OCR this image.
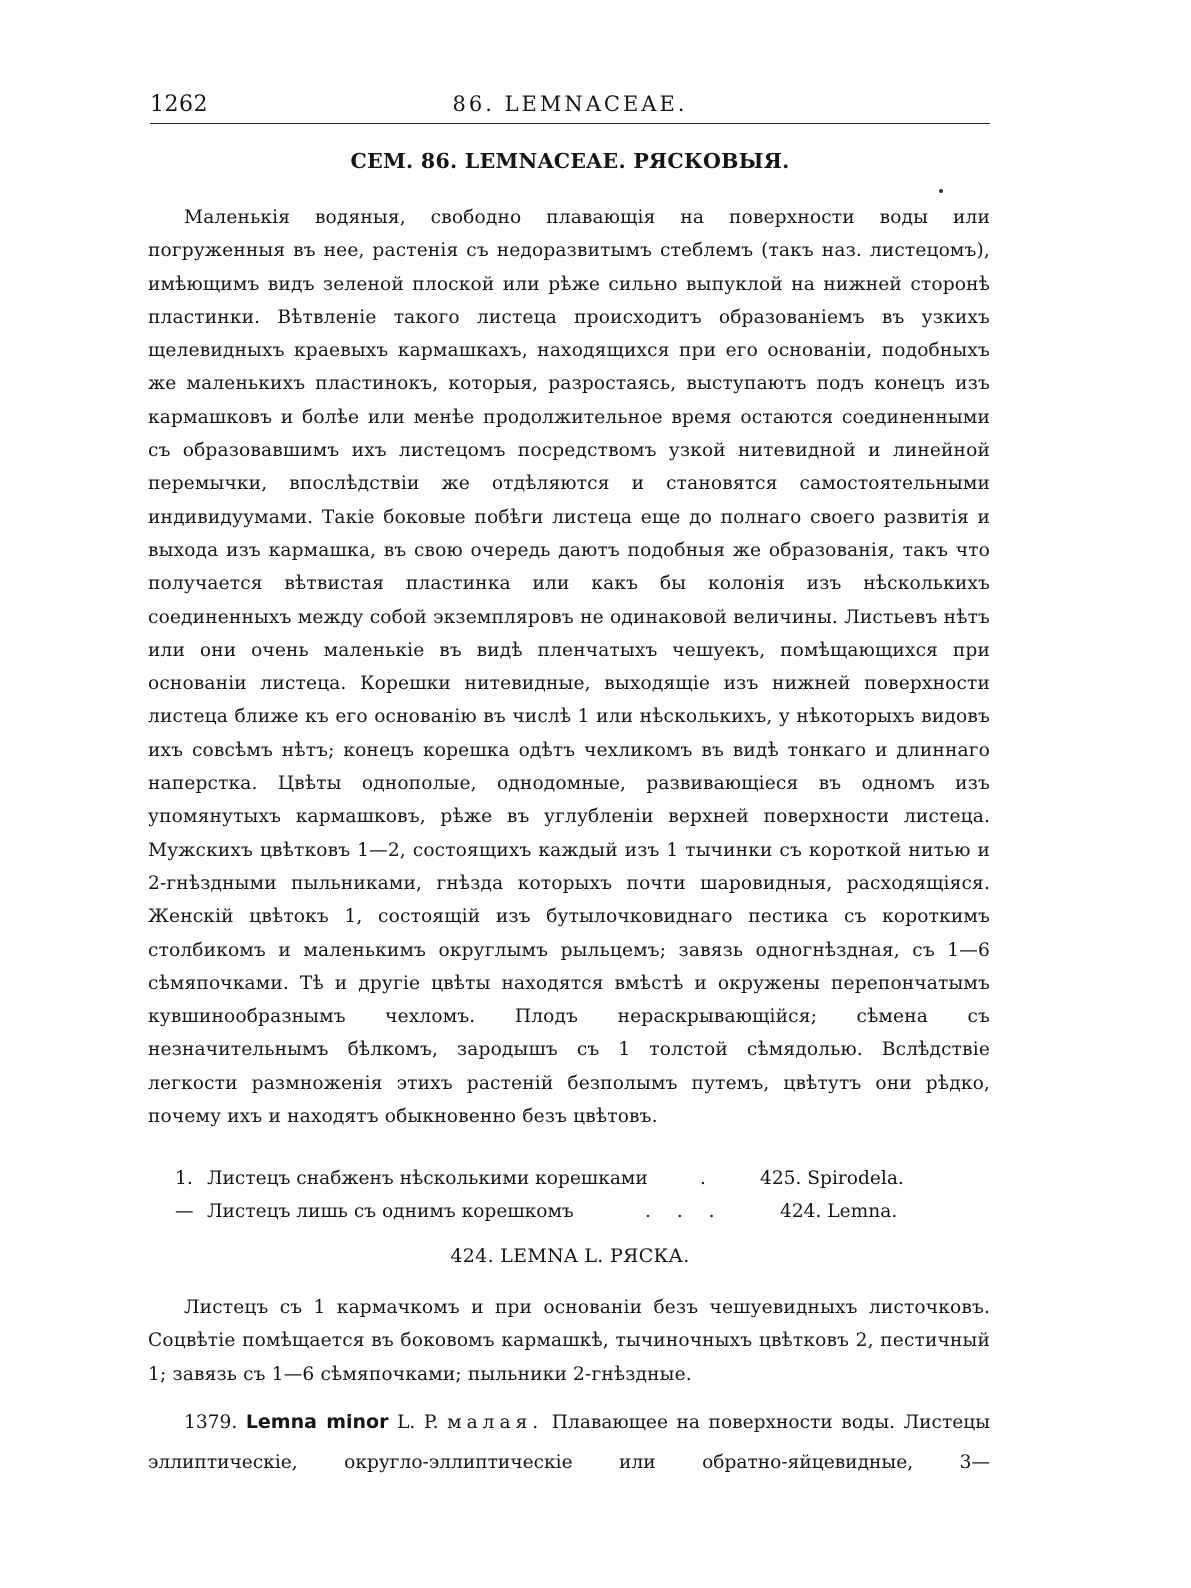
1262	86. LEMNACEAE.
СЕМ. 86. LEMNACEAE. РЯСКОВЫЯ.

Маленькія водяныя, свободно плавающія на поверхности воды или погруженныя въ нее, растенія съ недоразвитымъ стеблемъ (такъ наз. листецомъ), имѣющимъ видъ зеленой плоской или рѣже сильно выпуклой на нижней сторонѣ пластинки. Вѣтвленіе такого листеца происходитъ образованіемъ въ узкихъ щелевидныхъ краевыхъ кармашкахъ, находящихся при его основаніи, подобныхъ же маленькихъ пластинокъ, которыя, разростаясь, выступаютъ подъ конецъ изъ кармашковъ и болѣе или менѣе продолжительное время остаются соединенными съ образовавшимъ ихъ листецомъ посредствомъ узкой нитевидной и линейной перемычки, впослѣдствіи же отдѣляются и становятся самостоятельными индивидуумами. Такіе боковые побѣги листеца еще до полнаго своего развитія и выхода изъ кармашка, въ свою очередь даютъ подобныя же образованія, такъ что получается вѣтвистая пластинка или какъ бы колонія изъ нѣсколькихъ соединенныхъ между собой экземпляровъ не одинаковой величины. Листьевъ нѣтъ или они очень маленькіе въ видѣ пленчатыхъ чешуекъ, помѣщающихся при основаніи листеца. Корешки нитевидные, выходящіе изъ нижней поверхности листеца ближе къ его основанію въ числѣ 1 или нѣсколькихъ, у нѣкоторыхъ видовъ ихъ совсѣмъ нѣтъ; конецъ корешка одѣтъ чехликомъ въ видѣ тонкаго и длиннаго наперстка. Цвѣты однополые, однодомные, развивающіеся въ одномъ изъ упомянутыхъ кармашковъ, рѣже въ углубленіи верхней поверхности листеца. Мужскихъ цвѣтковъ 1—2, состоящихъ каждый изъ 1 тычинки съ короткой нитью и 2-гнѣздными пыльниками, гнѣзда которыхъ почти шаровидныя, расходящіяся. Женскій цвѣтокъ 1, состоящій изъ бутылочковиднаго пестика съ короткимъ столбикомъ и маленькимъ округлымъ рыльцемъ; завязь одногнѣздная, съ 1—6 сѣмяпочками. Тѣ и другіе цвѣты находятся вмѣстѣ и окружены перепончатымъ кувшинообразнымъ чехломъ. Плодъ нераскрывающійся; сѣмена съ незначительнымъ бѣлкомъ, зародышъ съ 1 толстой сѣмядолью. Вслѣдствіе легкости размноженія этихъ растеній безполымъ путемъ, цвѣтутъ они рѣдко, почему ихъ и находятъ обыкновенно безъ цвѣтовъ.

1. Листецъ снабженъ нѣсколькими корешками	. 425. Spirodela.
— Листецъ лишь съ однимъ корешкомъ	. . .	424. Lemna.
424. LEMNA L. РЯСКА.

Листецъ съ 1 кармачкомъ и при основаніи безъ чешуевидныхъ листочковъ. Соцвѣтіе помѣщается въ боковомъ кармашкѣ, тычиночныхъ цвѣтковъ 2, пестичный 1; завязь съ 1—6 сѣмяпочками; пыльники 2-гнѣздные.

1379. Lemna minor L. P. малая. Плавающее на поверхности воды. Листецы эллиптическіе, округло-эллиптическіе или обратно-яйцевидные, 3—
